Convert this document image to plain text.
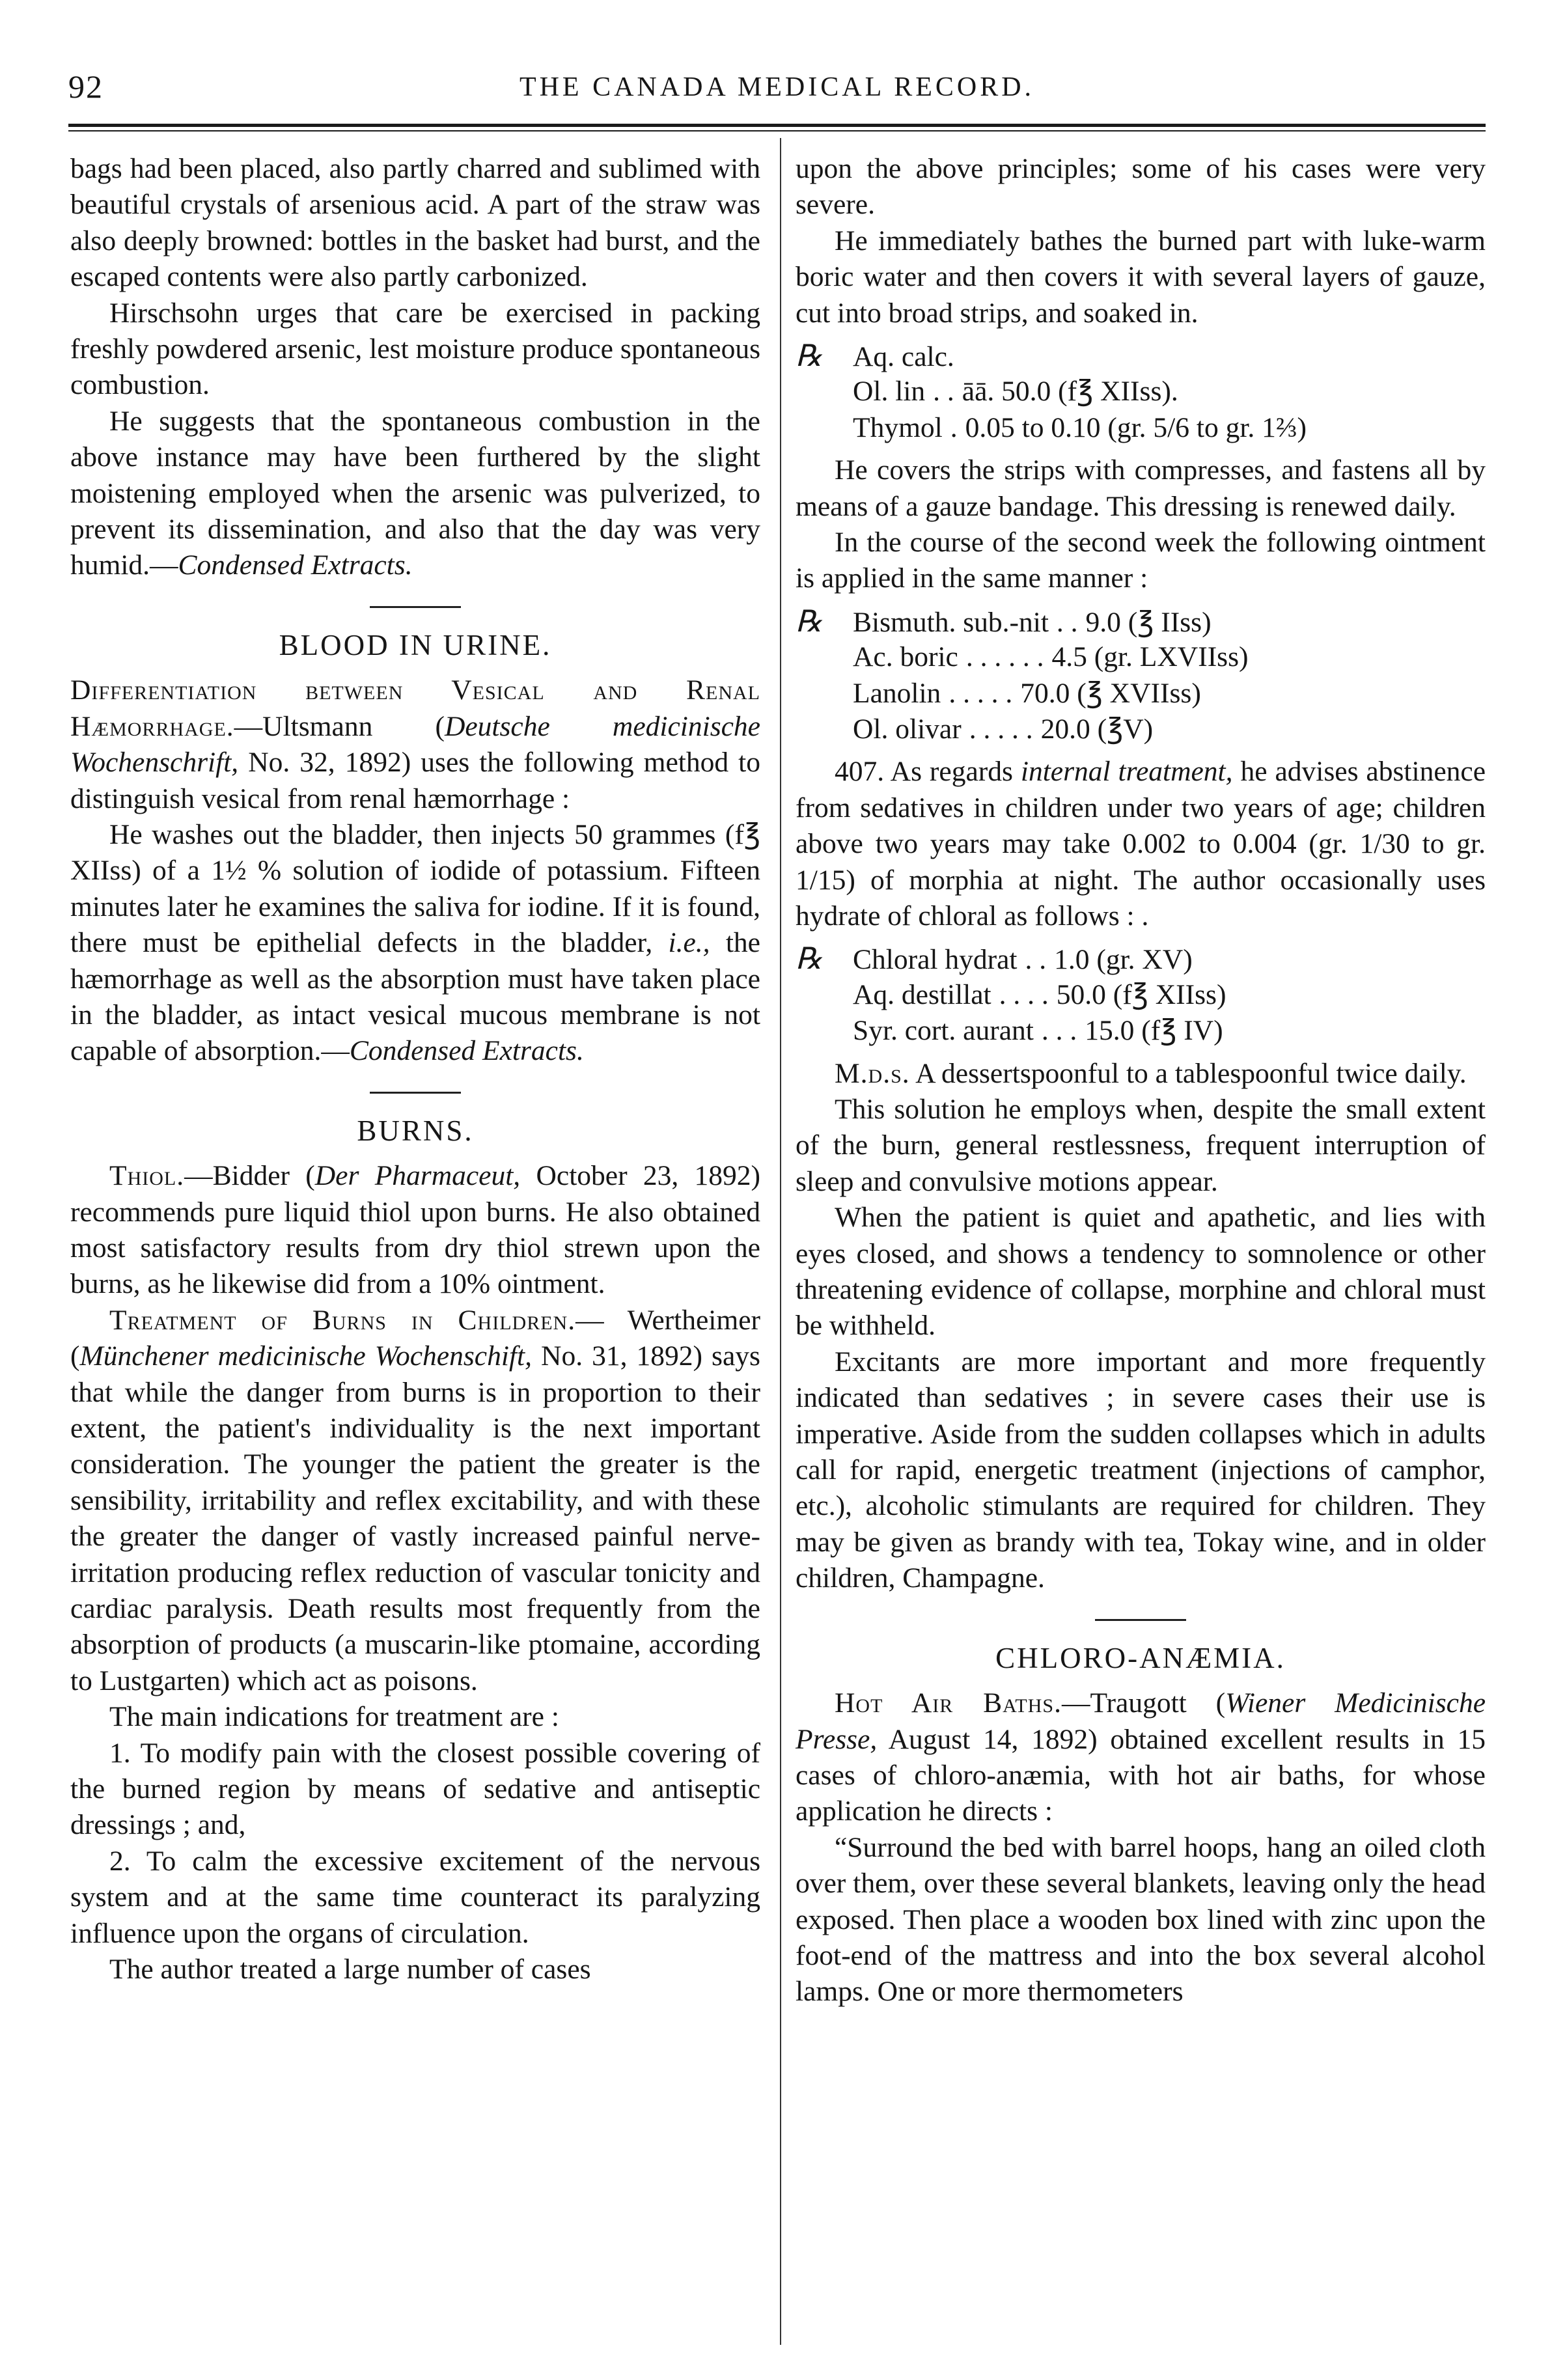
92	THE CANADA MEDICAL RECORD.

bags had been placed, also partly charred and sublimed with beautiful crystals of arsenious acid. A part of the straw was also deeply browned: bottles in the basket had burst, and the escaped contents were also partly carbonized.

Hirschsohn urges that care be exercised in packing freshly powdered arsenic, lest moisture produce spontaneous combustion.

He suggests that the spontaneous combustion in the above instance may have been furthered by the slight moistening employed when the arsenic was pulverized, to prevent its dissemination, and also that the day was very humid.—Condensed Extracts.

BLOOD IN URINE.

Differentiation between Vesical and Renal Hæmorrhage.—Ultsmann (Deutsche medicinische Wochenschrift, No. 32, 1892) uses the following method to distinguish vesical from renal hæmorrhage :

He washes out the bladder, then injects 50 grammes (f℥ XIIss) of a 1½ % solution of iodide of potassium. Fifteen minutes later he examines the saliva for iodine. If it is found, there must be epithelial defects in the bladder, i.e., the hæmorrhage as well as the absorption must have taken place in the bladder, as intact vesical mucous membrane is not capable of absorption.—Condensed Extracts.

BURNS.

Thiol.—Bidder (Der Pharmaceut, October 23, 1892) recommends pure liquid thiol upon burns. He also obtained most satisfactory results from dry thiol strewn upon the burns, as he likewise did from a 10% ointment.

Treatment of Burns in Children.— Wertheimer (Münchener medicinische Wochenschift, No. 31, 1892) says that while the danger from burns is in proportion to their extent, the patient's individuality is the next important consideration. The younger the patient the greater is the sensibility, irritability and reflex excitability, and with these the greater the danger of vastly increased painful nerve-irritation producing reflex reduction of vascular tonicity and cardiac paralysis. Death results most frequently from the absorption of products (a muscarin-like ptomaine, according to Lustgarten) which act as poisons.

The main indications for treatment are :

1. To modify pain with the closest possible covering of the burned region by means of sedative and antiseptic dressings ; and,

2. To calm the excessive excitement of the nervous system and at the same time counteract its paralyzing influence upon the organs of circulation.

The author treated a large number of cases

upon the above principles; some of his cases were very severe.

He immediately bathes the burned part with luke-warm boric water and then covers it with several layers of gauze, cut into broad strips, and soaked in.

℞	Aq. calc.
Ol. lin . . āā. 50.0 (f℥ XIIss).
Thymol . 0.05 to 0.10 (gr. 5/6 to gr. 1⅔)

He covers the strips with compresses, and fastens all by means of a gauze bandage. This dressing is renewed daily.

In the course of the second week the following ointment is applied in the same manner :

℞	Bismuth. sub.-nit . . 9.0 (℥ IIss)
Ac. boric . . . . . . 4.5 (gr. LXVIIss)
Lanolin . . . . . 70.0 (℥ XVIIss)
Ol. olivar . . . . . 20.0 (℥V)

407. As regards internal treatment, he advises abstinence from sedatives in children under two years of age; children above two years may take 0.002 to 0.004 (gr. 1/30 to gr. 1/15) of morphia at night. The author occasionally uses hydrate of chloral as follows : .

℞	Chloral hydrat . . 1.0 (gr. XV)
Aq. destillat . . . . 50.0 (f℥ XIIss)
Syr. cort. aurant . . . 15.0 (f℥ IV)

M.d.s. A dessertspoonful to a tablespoonful twice daily.

This solution he employs when, despite the small extent of the burn, general restlessness, frequent interruption of sleep and convulsive motions appear.

When the patient is quiet and apathetic, and lies with eyes closed, and shows a tendency to somnolence or other threatening evidence of collapse, morphine and chloral must be withheld.

Excitants are more important and more frequently indicated than sedatives ; in severe cases their use is imperative. Aside from the sudden collapses which in adults call for rapid, energetic treatment (injections of camphor, etc.), alcoholic stimulants are required for children. They may be given as brandy with tea, Tokay wine, and in older children, Champagne.

CHLORO-ANÆMIA.

Hot Air Baths.—Traugott (Wiener Medicinische Presse, August 14, 1892) obtained excellent results in 15 cases of chloro-anæmia, with hot air baths, for whose application he directs :

“Surround the bed with barrel hoops, hang an oiled cloth over them, over these several blankets, leaving only the head exposed. Then place a wooden box lined with zinc upon the foot-end of the mattress and into the box several alcohol lamps. One or more thermometers
